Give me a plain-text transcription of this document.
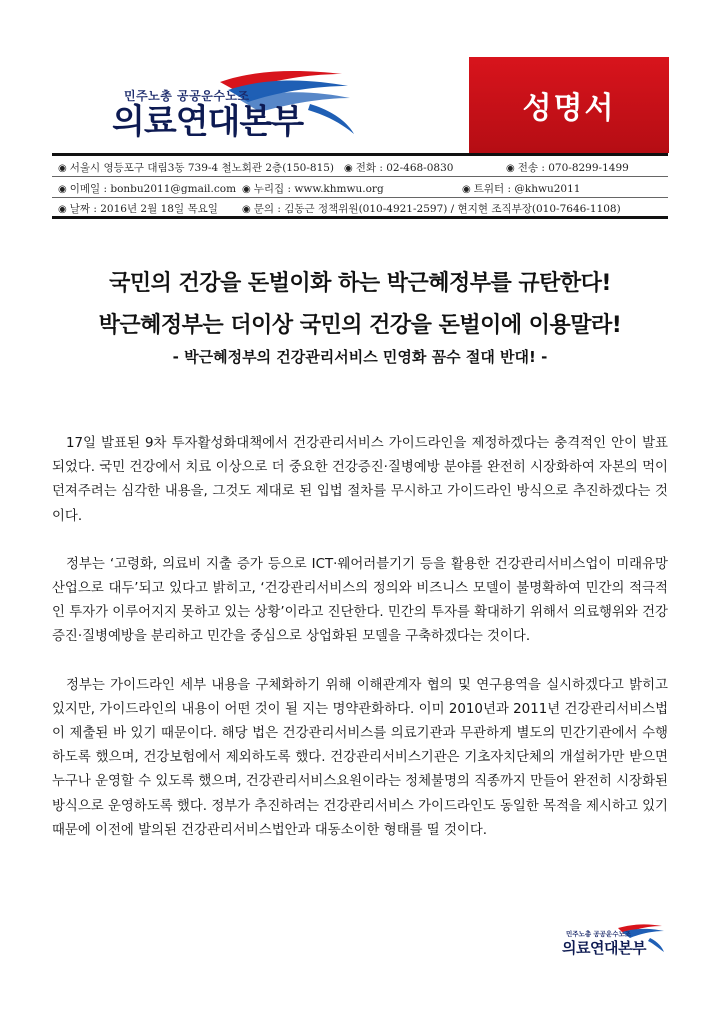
민주노총 공공운수노조
의료연대본부	성명서
◉ 서울시 영등포구 대림3동 739-4 철노회관 2층(150-815) ◉ 전화 : 02-468-0830	◉ 전송 : 070-8299-1499
◉ 이메일 : bonbu2011@gmail.com ◉ 누리집 : www.khmwu.org	◉ 트위터 : @khwu2011
◉ 날짜 : 2016년 2월 18일 목요일 ◉ 문의 : 김동근 정책위원(010-4921-2597) / 현지현 조직부장(010-7646-1108)
국민의 건강을 돈벌이화 하는 박근혜정부를 규탄한다!
박근혜정부는 더이상 국민의 건강을 돈벌이에 이용말라!
- 박근혜정부의 건강관리서비스 민영화 꼼수 절대 반대! -

17일 발표된 9차 투자활성화대책에서 건강관리서비스 가이드라인을 제정하겠다는 충격적인 안이 발표되었다. 국민 건강에서 치료 이상으로 더 중요한 건강증진·질병예방 분야를 완전히 시장화하여 자본의 먹이 던져주려는 심각한 내용을, 그것도 제대로 된 입법 절차를 무시하고 가이드라인 방식으로 추진하겠다는 것이다.

정부는 ‘고령화, 의료비 지출 증가 등으로 ICT·웨어러블기기 등을 활용한 건강관리서비스업이 미래유망산업으로 대두’되고 있다고 밝히고, ‘건강관리서비스의 정의와 비즈니스 모델이 불명확하여 민간의 적극적인 투자가 이루어지지 못하고 있는 상황’이라고 진단한다. 민간의 투자를 확대하기 위해서 의료행위와 건강증진·질병예방을 분리하고 민간을 중심으로 상업화된 모델을 구축하겠다는 것이다.

정부는 가이드라인 세부 내용을 구체화하기 위해 이해관계자 협의 및 연구용역을 실시하겠다고 밝히고 있지만, 가이드라인의 내용이 어떤 것이 될 지는 명약관화하다. 이미 2010년과 2011년 건강관리서비스법이 제출된 바 있기 때문이다. 해당 법은 건강관리서비스를 의료기관과 무관하게 별도의 민간기관에서 수행하도록 했으며, 건강보험에서 제외하도록 했다. 건강관리서비스기관은 기초자치단체의 개설허가만 받으면 누구나 운영할 수 있도록 했으며, 건강관리서비스요원이라는 정체불명의 직종까지 만들어 완전히 시장화된 방식으로 운영하도록 했다. 정부가 추진하려는 건강관리서비스 가이드라인도 동일한 목적을 제시하고 있기 때문에 이전에 발의된 건강관리서비스법안과 대동소이한 형태를 띨 것이다.

민주노총 공공운수노조
의료연대본부
